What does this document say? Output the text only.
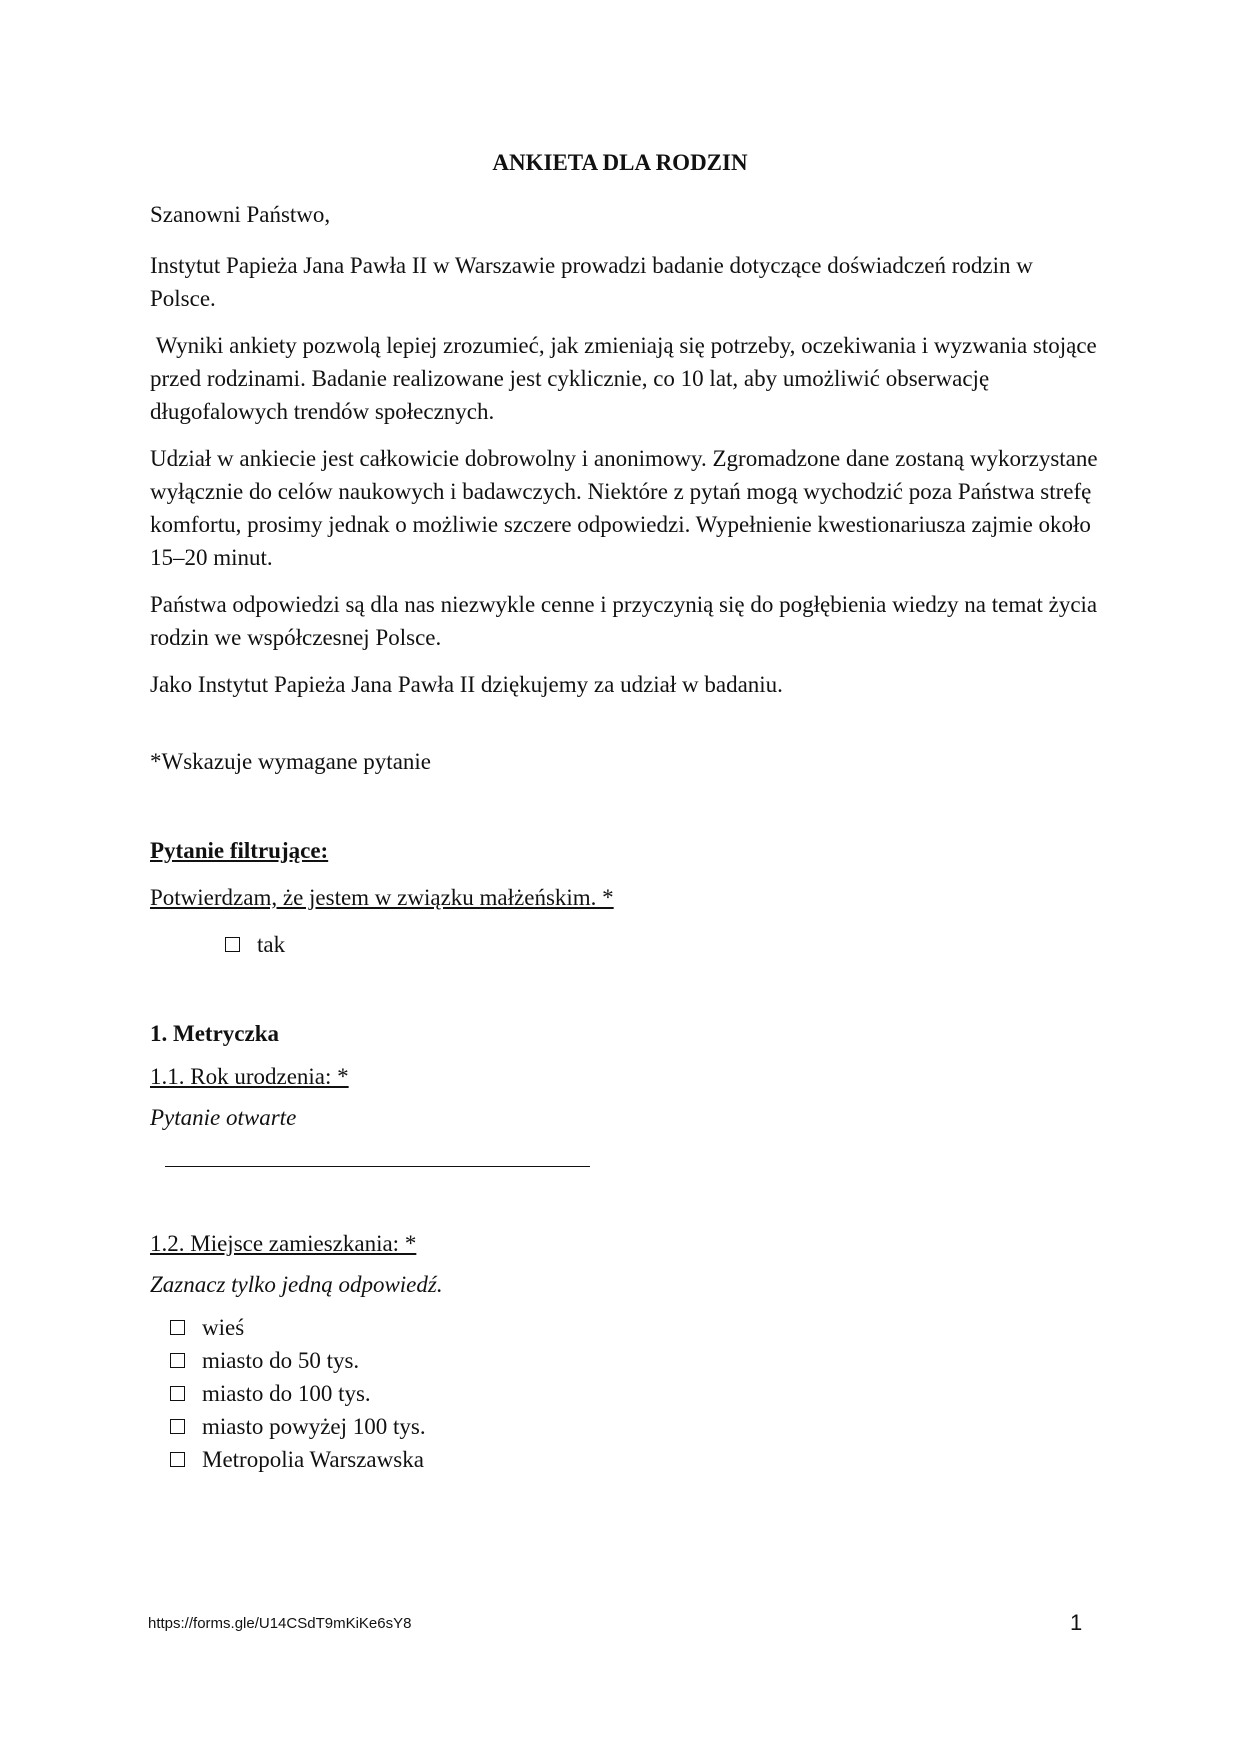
ANKIETA DLA RODZIN

Szanowni Państwo,

Instytut Papieża Jana Pawła II w Warszawie prowadzi badanie dotyczące doświadczeń rodzin w Polsce.

Wyniki ankiety pozwolą lepiej zrozumieć, jak zmieniają się potrzeby, oczekiwania i wyzwania stojące przed rodzinami. Badanie realizowane jest cyklicznie, co 10 lat, aby umożliwić obserwację długofalowych trendów społecznych.

Udział w ankiecie jest całkowicie dobrowolny i anonimowy. Zgromadzone dane zostaną wykorzystane wyłącznie do celów naukowych i badawczych. Niektóre z pytań mogą wychodzić poza Państwa strefę komfortu, prosimy jednak o możliwie szczere odpowiedzi. Wypełnienie kwestionariusza zajmie około 15–20 minut.

Państwa odpowiedzi są dla nas niezwykle cenne i przyczynią się do pogłębienia wiedzy na temat życia rodzin we współczesnej Polsce.

Jako Instytut Papieża Jana Pawła II dziękujemy za udział w badaniu.

*Wskazuje wymagane pytanie

Pytanie filtrujące:

Potwierdzam, że jestem w związku małżeńskim. *

tak

1. Metryczka

1.1. Rok urodzenia: *

Pytanie otwarte

1.2. Miejsce zamieszkania: *

Zaznacz tylko jedną odpowiedź.

wieś
miasto do 50 tys.
miasto do 100 tys.
miasto powyżej 100 tys.
Metropolia Warszawska
https://forms.gle/U14CSdT9mKiKe6sY8	1
